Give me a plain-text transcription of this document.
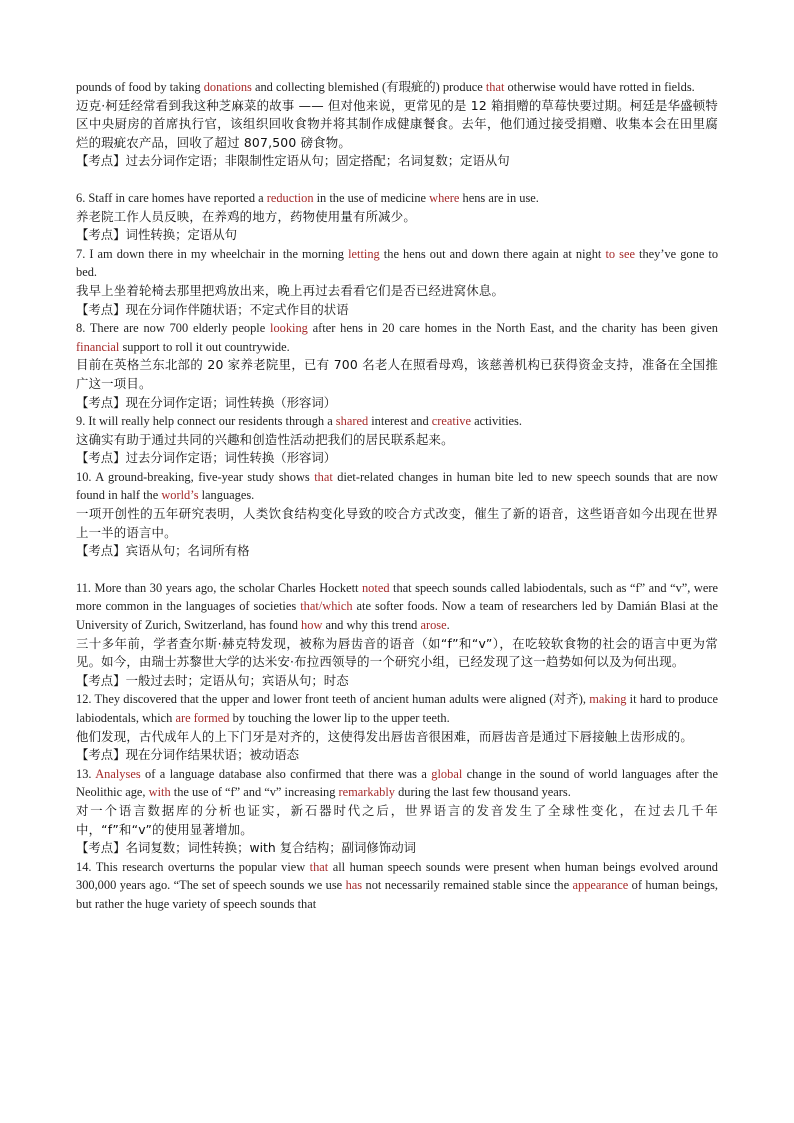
pounds of food by taking donations and collecting blemished (有瑕疵的) produce that otherwise would have rotted in fields.

迈克·柯廷经常看到我这种芝麻菜的故事 —— 但对他来说，更常见的是 12 箱捐赠的草莓快要过期。柯廷是华盛顿特区中央厨房的首席执行官，该组织回收食物并将其制作成健康餐食。去年，他们通过接受捐赠、收集本会在田里腐烂的瑕疵农产品，回收了超过 807,500 磅食物。

【考点】过去分词作定语；非限制性定语从句；固定搭配；名词复数；定语从句

6. Staff in care homes have reported a reduction in the use of medicine where hens are in use.

养老院工作人员反映，在养鸡的地方，药物使用量有所减少。

【考点】词性转换；定语从句

7. I am down there in my wheelchair in the morning letting the hens out and down there again at night to see they’ve gone to bed.

我早上坐着轮椅去那里把鸡放出来，晚上再过去看看它们是否已经进窝休息。

【考点】现在分词作伴随状语；不定式作目的状语

8. There are now 700 elderly people looking after hens in 20 care homes in the North East, and the charity has been given financial support to roll it out countrywide.

目前在英格兰东北部的 20 家养老院里，已有 700 名老人在照看母鸡，该慈善机构已获得资金支持，准备在全国推广这一项目。

【考点】现在分词作定语；词性转换（形容词）

9. It will really help connect our residents through a shared interest and creative activities.

这确实有助于通过共同的兴趣和创造性活动把我们的居民联系起来。

【考点】过去分词作定语；词性转换（形容词）

10. A ground-breaking, five-year study shows that diet-related changes in human bite led to new speech sounds that are now found in half the world’s languages.

一项开创性的五年研究表明，人类饮食结构变化导致的咬合方式改变，催生了新的语音，这些语音如今出现在世界上一半的语言中。

【考点】宾语从句；名词所有格

11. More than 30 years ago, the scholar Charles Hockett noted that speech sounds called labiodentals, such as “f” and “v”, were more common in the languages of societies that/which ate softer foods. Now a team of researchers led by Damián Blasi at the University of Zurich, Switzerland, has found how and why this trend arose.

三十多年前，学者查尔斯·赫克特发现，被称为唇齿音的语音（如“f”和“v”），在吃较软食物的社会的语言中更为常见。如今，由瑞士苏黎世大学的达米安·布拉西领导的一个研究小组，已经发现了这一趋势如何以及为何出现。

【考点】一般过去时；定语从句；宾语从句；时态

12. They discovered that the upper and lower front teeth of ancient human adults were aligned (对齐), making it hard to produce labiodentals, which are formed by touching the lower lip to the upper teeth.

他们发现，古代成年人的上下门牙是对齐的，这使得发出唇齿音很困难，而唇齿音是通过下唇接触上齿形成的。

【考点】现在分词作结果状语；被动语态

13. Analyses of a language database also confirmed that there was a global change in the sound of world languages after the Neolithic age, with the use of “f” and “v” increasing remarkably during the last few thousand years.

对一个语言数据库的分析也证实，新石器时代之后，世界语言的发音发生了全球性变化，在过去几千年中，“f”和“v”的使用显著增加。

【考点】名词复数；词性转换；with 复合结构；副词修饰动词

14. This research overturns the popular view that all human speech sounds were present when human beings evolved around 300,000 years ago. “The set of speech sounds we use has not necessarily remained stable since the appearance of human beings, but rather the huge variety of speech sounds that
